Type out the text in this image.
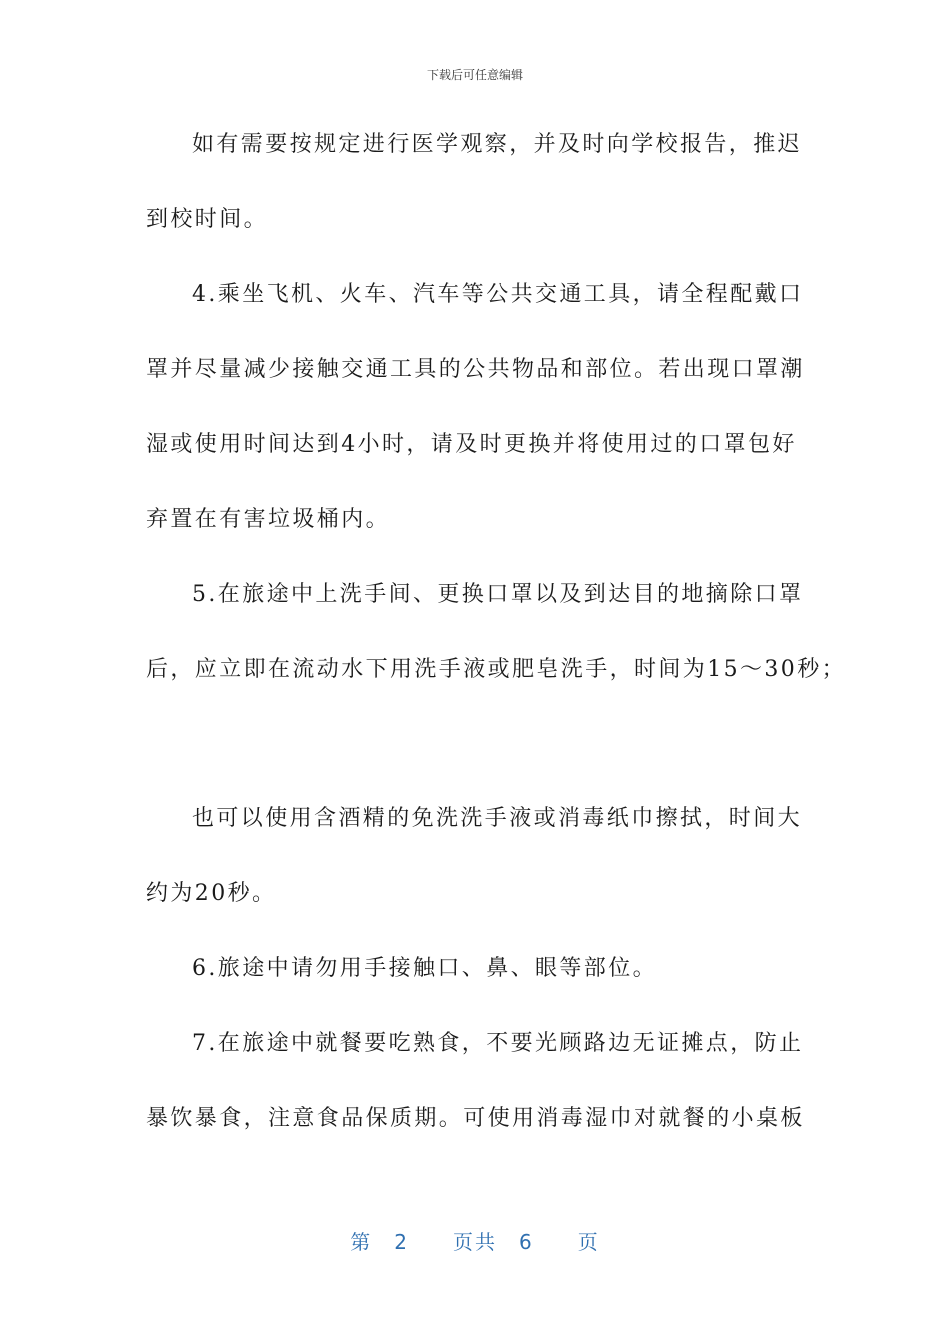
下载后可任意编辑
如有需要按规定进行医学观察，并及时向学校报告，推迟
到校时间。
4.乘坐飞机、火车、汽车等公共交通工具，请全程配戴口
罩并尽量减少接触交通工具的公共物品和部位。若出现口罩潮
湿或使用时间达到4小时，请及时更换并将使用过的口罩包好
弃置在有害垃圾桶内。
5.在旅途中上洗手间、更换口罩以及到达目的地摘除口罩
后，应立即在流动水下用洗手液或肥皂洗手，时间为15～30秒；
也可以使用含酒精的免洗洗手液或消毒纸巾擦拭，时间大
约为20秒。
6.旅途中请勿用手接触口、鼻、眼等部位。
7.在旅途中就餐要吃熟食，不要光顾路边无证摊点，防止
暴饮暴食，注意食品保质期。可使用消毒湿巾对就餐的小桌板
第 2 页共 6 页
